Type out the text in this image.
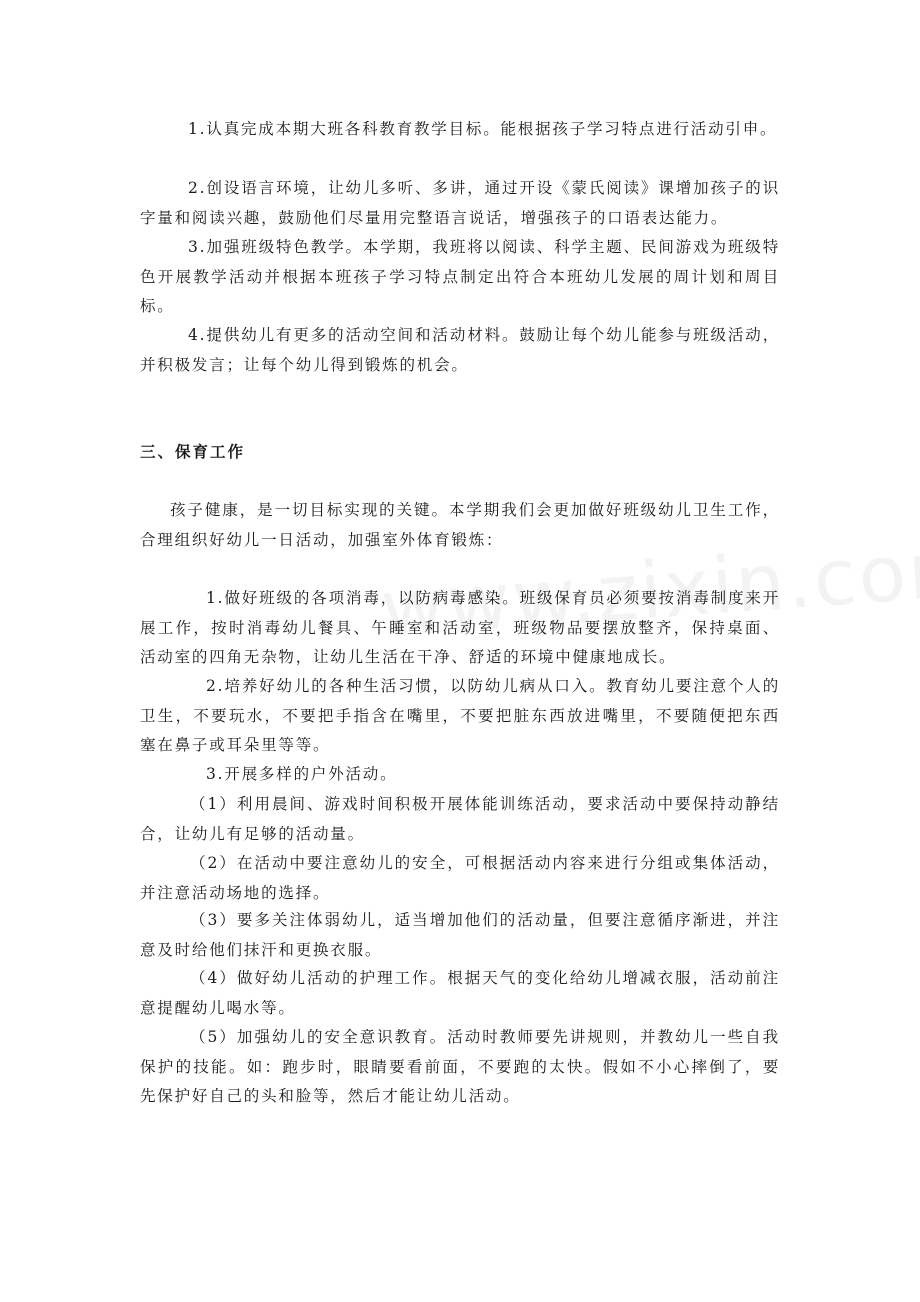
1.认真完成本期大班各科教育教学目标。能根据孩子学习特点进行活动引申。

2.创设语言环境，让幼儿多听、多讲，通过开设《蒙氏阅读》课增加孩子的识字量和阅读兴趣，鼓励他们尽量用完整语言说话，增强孩子的口语表达能力。

3.加强班级特色教学。本学期，我班将以阅读、科学主题、民间游戏为班级特色开展教学活动并根据本班孩子学习特点制定出符合本班幼儿发展的周计划和周目标。

4.提供幼儿有更多的活动空间和活动材料。鼓励让每个幼儿能参与班级活动，并积极发言；让每个幼儿得到锻炼的机会。

三、保育工作

孩子健康，是一切目标实现的关键。本学期我们会更加做好班级幼儿卫生工作，合理组织好幼儿一日活动，加强室外体育锻炼：

1.做好班级的各项消毒，以防病毒感染。班级保育员必须要按消毒制度来开展工作，按时消毒幼儿餐具、午睡室和活动室，班级物品要摆放整齐，保持桌面、活动室的四角无杂物，让幼儿生活在干净、舒适的环境中健康地成长。

2.培养好幼儿的各种生活习惯，以防幼儿病从口入。教育幼儿要注意个人的卫生，不要玩水，不要把手指含在嘴里，不要把脏东西放进嘴里，不要随便把东西塞在鼻子或耳朵里等等。

3.开展多样的户外活动。

（1）利用晨间、游戏时间积极开展体能训练活动，要求活动中要保持动静结合，让幼儿有足够的活动量。

（2）在活动中要注意幼儿的安全，可根据活动内容来进行分组或集体活动，并注意活动场地的选择。

（3）要多关注体弱幼儿，适当增加他们的活动量，但要注意循序渐进，并注意及时给他们抹汗和更换衣服。

（4）做好幼儿活动的护理工作。根据天气的变化给幼儿增减衣服，活动前注意提醒幼儿喝水等。

（5）加强幼儿的安全意识教育。活动时教师要先讲规则，并教幼儿一些自我保护的技能。如：跑步时，眼睛要看前面，不要跑的太快。假如不小心摔倒了，要先保护好自己的头和脸等，然后才能让幼儿活动。
